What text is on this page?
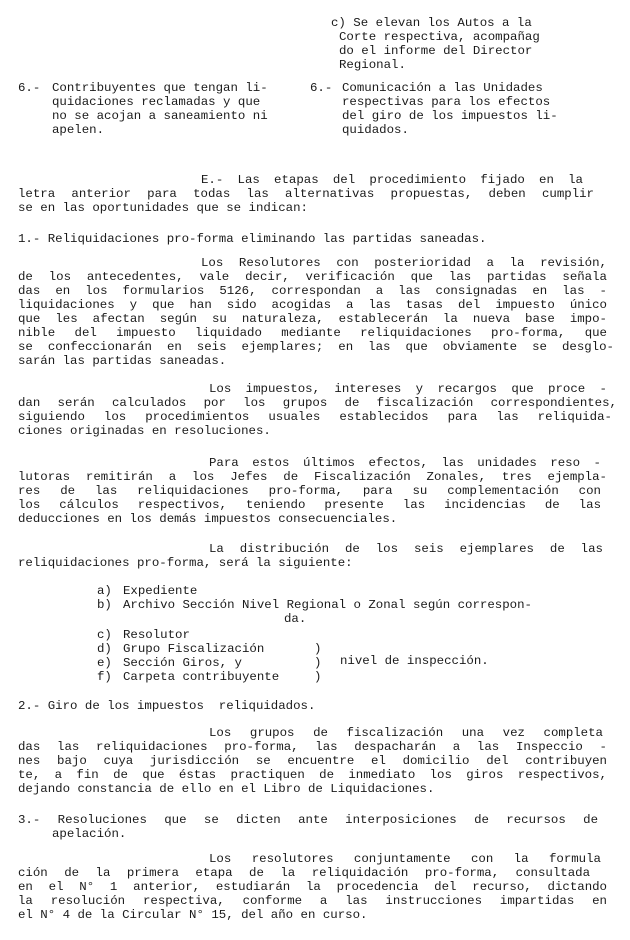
c) Se elevan los Autos a la
Corte respectiva, acompañag
do el informe del Director
Regional.
6.- Contribuyentes que tengan li-
quidaciones reclamadas y que
no se acojan a saneamiento ni
apelen.
6.- Comunicación a las Unidades
respectivas para los efectos
del giro de los impuestos li-
quidados.
E.- Las etapas del procedimiento fijado en la
letra anterior para todas las alternativas propuestas, deben cumplir
se en las oportunidades que se indican:
1.- Reliquidaciones pro-forma eliminando las partidas saneadas.
Los Resolutores con posterioridad a la revisión,
de los antecedentes, vale decir, verificación que las partidas señala
das en los formularios 5126, correspondan a las consignadas en las -
liquidaciones y que han sido acogidas a las tasas del impuesto único
que les afectan según su naturaleza, establecerán la nueva base impo-
nible del impuesto liquidado mediante reliquidaciones pro-forma, que
se confeccionarán en seis ejemplares; en las que obviamente se desglo-
sarán las partidas saneadas.
Los impuestos, intereses y recargos que proce -
dan serán calculados por los grupos de fiscalización correspondientes,
siguiendo los procedimientos usuales establecidos para las reliquida-
ciones originadas en resoluciones.
Para estos últimos efectos, las unidades reso -
lutoras remitirán a los Jefes de Fiscalización Zonales, tres ejempla-
res de las reliquidaciones pro-forma, para su complementación con
los cálculos respectivos, teniendo presente las incidencias de las
deducciones en los demás impuestos consecuenciales.
La distribución de los seis ejemplares de las
reliquidaciones pro-forma, será la siguiente:
a) Expediente
b) Archivo Sección Nivel Regional o Zonal según correspon-
da.
c) Resolutor
d) Grupo Fiscalización	)
e) Sección Giros, y	) nivel de inspección.
f) Carpeta contribuyente	)
2.- Giro de los impuestos  reliquidados.
Los grupos de fiscalización una vez completa
das las reliquidaciones pro-forma, las despacharán a las Inspeccio -
nes bajo cuya jurisdicción se encuentre el domicilio del contribuyen
te, a fin de que éstas practiquen de inmediato los giros respectivos,
dejando constancia de ello en el Libro de Liquidaciones.
3.- Resoluciones que se dicten ante interposiciones de recursos de
apelación.
Los resolutores conjuntamente con la formula
ción de la primera etapa de la reliquidación pro-forma, consultada
en el N° 1 anterior, estudiarán la procedencia del recurso, dictando
la resolución respectiva, conforme a las instrucciones impartidas en
el N° 4 de la Circular N° 15, del año en curso.
